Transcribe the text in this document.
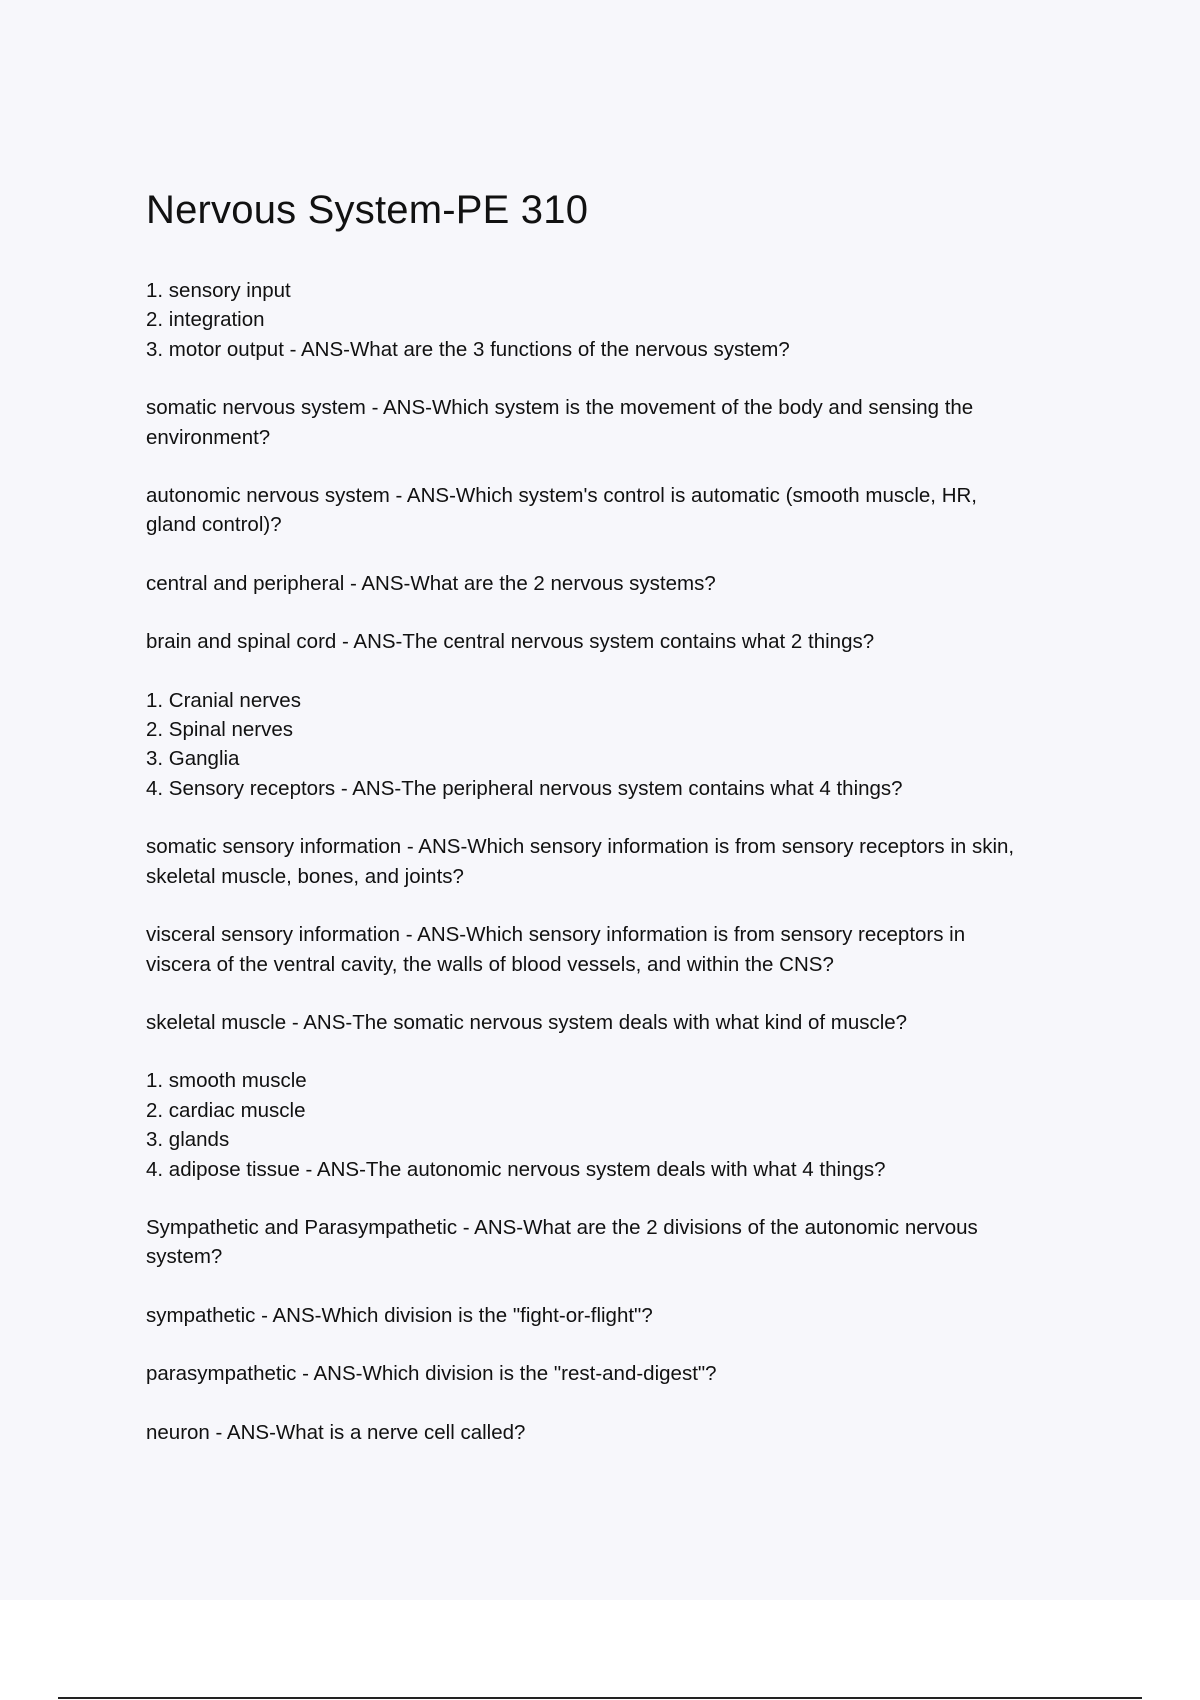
Nervous System-PE 310

1. sensory input

2. integration

3. motor output - ANS-What are the 3 functions of the nervous system?

somatic nervous system - ANS-Which system is the movement of the body and sensing the

environment?

autonomic nervous system - ANS-Which system's control is automatic (smooth muscle, HR,

gland control)?

central and peripheral - ANS-What are the 2 nervous systems?

brain and spinal cord - ANS-The central nervous system contains what 2 things?

1. Cranial nerves

2. Spinal nerves

3. Ganglia

4. Sensory receptors - ANS-The peripheral nervous system contains what 4 things?

somatic sensory information - ANS-Which sensory information is from sensory receptors in skin,

skeletal muscle, bones, and joints?

visceral sensory information - ANS-Which sensory information is from sensory receptors in

viscera of the ventral cavity, the walls of blood vessels, and within the CNS?

skeletal muscle - ANS-The somatic nervous system deals with what kind of muscle?

1. smooth muscle

2. cardiac muscle

3. glands

4. adipose tissue - ANS-The autonomic nervous system deals with what 4 things?

Sympathetic and Parasympathetic - ANS-What are the 2 divisions of the autonomic nervous

system?

sympathetic - ANS-Which division is the "fight-or-flight"?

parasympathetic - ANS-Which division is the "rest-and-digest"?

neuron - ANS-What is a nerve cell called?
